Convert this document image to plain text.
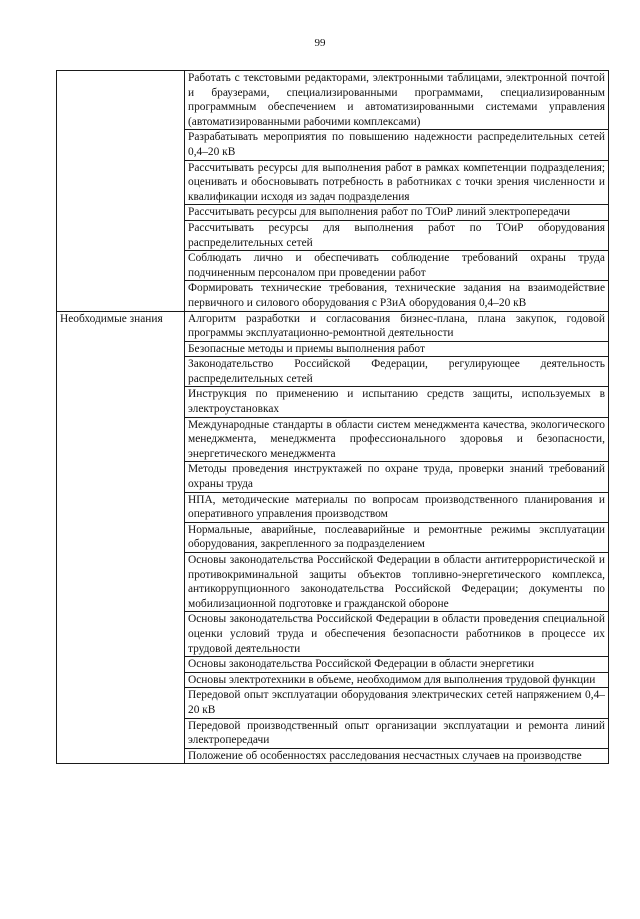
99
	Работать с текстовыми редакторами, электронными таблицами, электронной почтой и браузерами, специализированными программами, специализированным программным обеспечением и автоматизированными системами управления (автоматизированными рабочими комплексами)
	Разрабатывать мероприятия по повышению надежности распределительных сетей 0,4–20 кВ
	Рассчитывать ресурсы для выполнения работ в рамках компетенции подразделения; оценивать и обосновывать потребность в работниках с точки зрения численности и квалификации исходя из задач подразделения
	Рассчитывать ресурсы для выполнения работ по ТОиР линий электропередачи
	Рассчитывать ресурсы для выполнения работ по ТОиР оборудования распределительных сетей
	Соблюдать лично и обеспечивать соблюдение требований охраны труда подчиненным персоналом при проведении работ
	Формировать технические требования, технические задания на взаимодействие первичного и силового оборудования с РЗиА оборудования 0,4–20 кВ
Необходимые знания	Алгоритм разработки и согласования бизнес-плана, плана закупок, годовой программы эксплуатационно-ремонтной деятельности
	Безопасные методы и приемы выполнения работ
	Законодательство Российской Федерации, регулирующее деятельность распределительных сетей
	Инструкция по применению и испытанию средств защиты, используемых в электроустановках
	Международные стандарты в области систем менеджмента качества, экологического менеджмента, менеджмента профессионального здоровья и безопасности, энергетического менеджмента
	Методы проведения инструктажей по охране труда, проверки знаний требований охраны труда
	НПА, методические материалы по вопросам производственного планирования и оперативного управления производством
	Нормальные, аварийные, послеаварийные и ремонтные режимы эксплуатации оборудования, закрепленного за подразделением
	Основы законодательства Российской Федерации в области антитеррористической и противокриминальной защиты объектов топливно-энергетического комплекса, антикоррупционного законодательства Российской Федерации; документы по мобилизационной подготовке и гражданской обороне
	Основы законодательства Российской Федерации в области проведения специальной оценки условий труда и обеспечения безопасности работников в процессе их трудовой деятельности
	Основы законодательства Российской Федерации в области энергетики
	Основы электротехники в объеме, необходимом для выполнения трудовой функции
	Передовой опыт эксплуатации оборудования электрических сетей напряжением 0,4–20 кВ
	Передовой производственный опыт организации эксплуатации и ремонта линий электропередачи
	Положение об особенностях расследования несчастных случаев на производстве
